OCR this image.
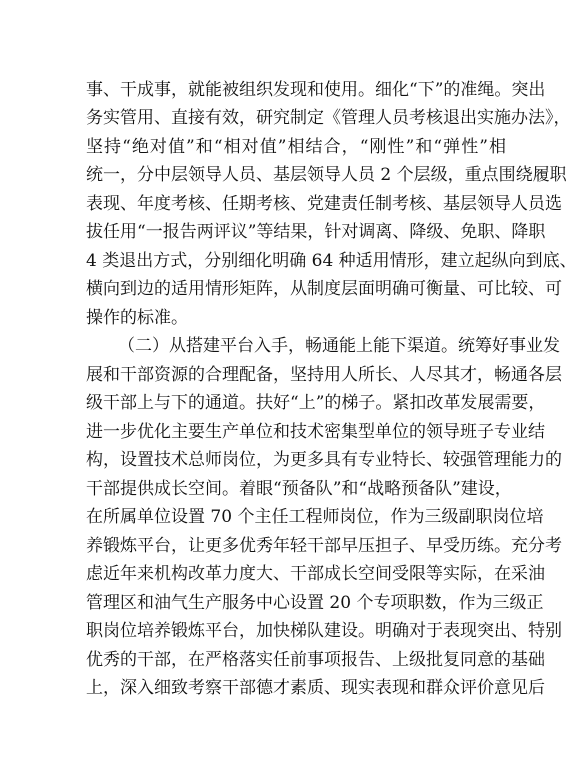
事、干成事，就能被组织发现和使用。细化“下”的准绳。突出
务实管用、直接有效，研究制定《管理人员考核退出实施办法》，
坚持“绝对值”和“相对值”相结合，“刚性”和“弹性”相
统一，分中层领导人员、基层领导人员 2 个层级，重点围绕履职
表现、年度考核、任期考核、党建责任制考核、基层领导人员选
拔任用“一报告两评议”等结果，针对调离、降级、免职、降职
4 类退出方式，分别细化明确 64 种适用情形，建立起纵向到底、
横向到边的适用情形矩阵，从制度层面明确可衡量、可比较、可
操作的标准。
（二）从搭建平台入手，畅通能上能下渠道。统筹好事业发
展和干部资源的合理配备，坚持用人所长、人尽其才，畅通各层
级干部上与下的通道。扶好“上”的梯子。紧扣改革发展需要，
进一步优化主要生产单位和技术密集型单位的领导班子专业结
构，设置技术总师岗位，为更多具有专业特长、较强管理能力的
干部提供成长空间。着眼“预备队”和“战略预备队”建设，
在所属单位设置 70 个主任工程师岗位，作为三级副职岗位培
养锻炼平台，让更多优秀年轻干部早压担子、早受历练。充分考
虑近年来机构改革力度大、干部成长空间受限等实际，在采油
管理区和油气生产服务中心设置 20 个专项职数，作为三级正
职岗位培养锻炼平台，加快梯队建设。明确对于表现突出、特别
优秀的干部，在严格落实任前事项报告、上级批复同意的基础
上，深入细致考察干部德才素质、现实表现和群众评价意见后
